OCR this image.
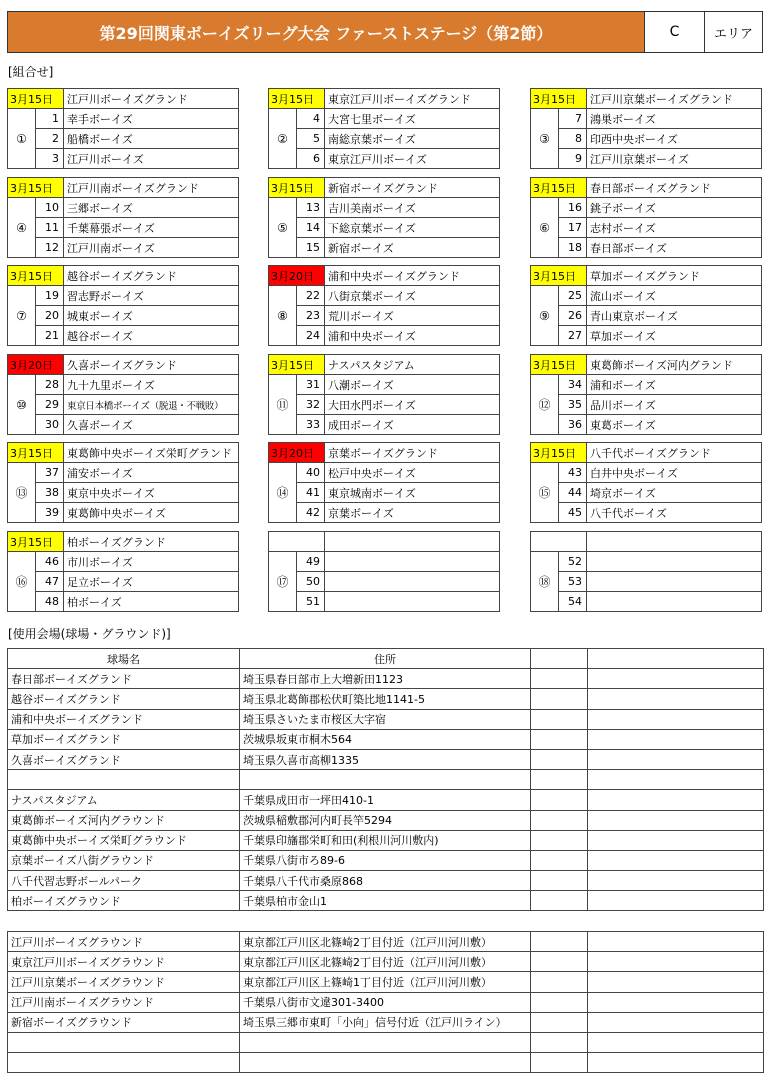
第29回関東ボーイズリーグ大会 ファーストステージ（第2節）	C	エリア
[組合せ]
3月15日		江戸川ボーイズグランド
①	1	幸手ボーイズ
	2	船橋ボーイズ
	3	江戸川ボーイズ
3月15日		東京江戸川ボーイズグランド
②	4	大宮七里ボーイズ
	5	南総京葉ボーイズ
	6	東京江戸川ボーイズ
3月15日		江戸川京葉ボーイズグランド
③	7	鴻巣ボーイズ
	8	印西中央ボーイズ
	9	江戸川京葉ボーイズ
3月15日		江戸川南ボーイズグランド
④	10	三郷ボーイズ
	11	千葉幕張ボーイズ
	12	江戸川南ボーイズ
3月15日		新宿ボーイズグランド
⑤	13	吉川美南ボーイズ
	14	下総京葉ボーイズ
	15	新宿ボーイズ
3月15日		春日部ボーイズグランド
⑥	16	銚子ボーイズ
	17	志村ボーイズ
	18	春日部ボーイズ
3月15日		越谷ボーイズグランド
⑦	19	習志野ボーイズ
	20	城東ボーイズ
	21	越谷ボーイズ
3月20日		浦和中央ボーイズグランド
⑧	22	八街京葉ボーイズ
	23	荒川ボーイズ
	24	浦和中央ボーイズ
3月15日		草加ボーイズグランド
⑨	25	流山ボーイズ
	26	青山東京ボーイズ
	27	草加ボーイズ
3月20日		久喜ボーイズグランド
⑩	28	九十九里ボーイズ
	29	東京日本橋ボーイズ（脱退・不戦敗）
	30	久喜ボーイズ
3月15日		ナスパスタジアム
⑪	31	八潮ボーイズ
	32	大田水門ボーイズ
	33	成田ボーイズ
3月15日		東葛飾ボーイズ河内グランド
⑫	34	浦和ボーイズ
	35	品川ボーイズ
	36	東葛ボーイズ
3月15日		東葛飾中央ボーイズ栄町グランド
⑬	37	浦安ボーイズ
	38	東京中央ボーイズ
	39	東葛飾中央ボーイズ
3月20日		京葉ボーイズグランド
⑭	40	松戸中央ボーイズ
	41	東京城南ボーイズ
	42	京葉ボーイズ
3月15日		八千代ボーイズグランド
⑮	43	白井中央ボーイズ
	44	埼京ボーイズ
	45	八千代ボーイズ
3月15日		柏ボーイズグランド
⑯	46	市川ボーイズ
	47	足立ボーイズ
	48	柏ボーイズ

⑰	49	
	50	
	51	

⑱	52	
	53	
	54	
[使用会場(球場・グラウンド)]
球場名	住所		
春日部ボーイズグランド	埼玉県春日部市上大増新田1123		
越谷ボーイズグランド	埼玉県北葛飾郡松伏町築比地1141-5		
浦和中央ボーイズグランド	埼玉県さいたま市桜区大字宿		
草加ボーイズグランド	茨城県坂東市桐木564		
久喜ボーイズグランド	埼玉県久喜市高柳1335		

ナスパスタジアム	千葉県成田市一坪田410-1		
東葛飾ボーイズ河内グラウンド	茨城県稲敷郡河内町長竿5294		
東葛飾中央ボーイズ栄町グラウンド	千葉県印旛郡栄町和田(利根川河川敷内)		
京葉ボーイズ八街グラウンド	千葉県八街市ろ89-6		
八千代習志野ボールパーク	千葉県八千代市桑原868		
柏ボーイズグラウンド	千葉県柏市金山1		
江戸川ボーイズグラウンド	東京都江戸川区北篠崎2丁目付近（江戸川河川敷）		
東京江戸川ボーイズグラウンド	東京都江戸川区北篠崎2丁目付近（江戸川河川敷）		
江戸川京葉ボーイズグラウンド	東京都江戸川区上篠崎1丁目付近（江戸川河川敷）		
江戸川南ボーイズグラウンド	千葉県八街市文違301-3400		
新宿ボーイズグラウンド	埼玉県三郷市東町「小向」信号付近（江戸川ライン）		
